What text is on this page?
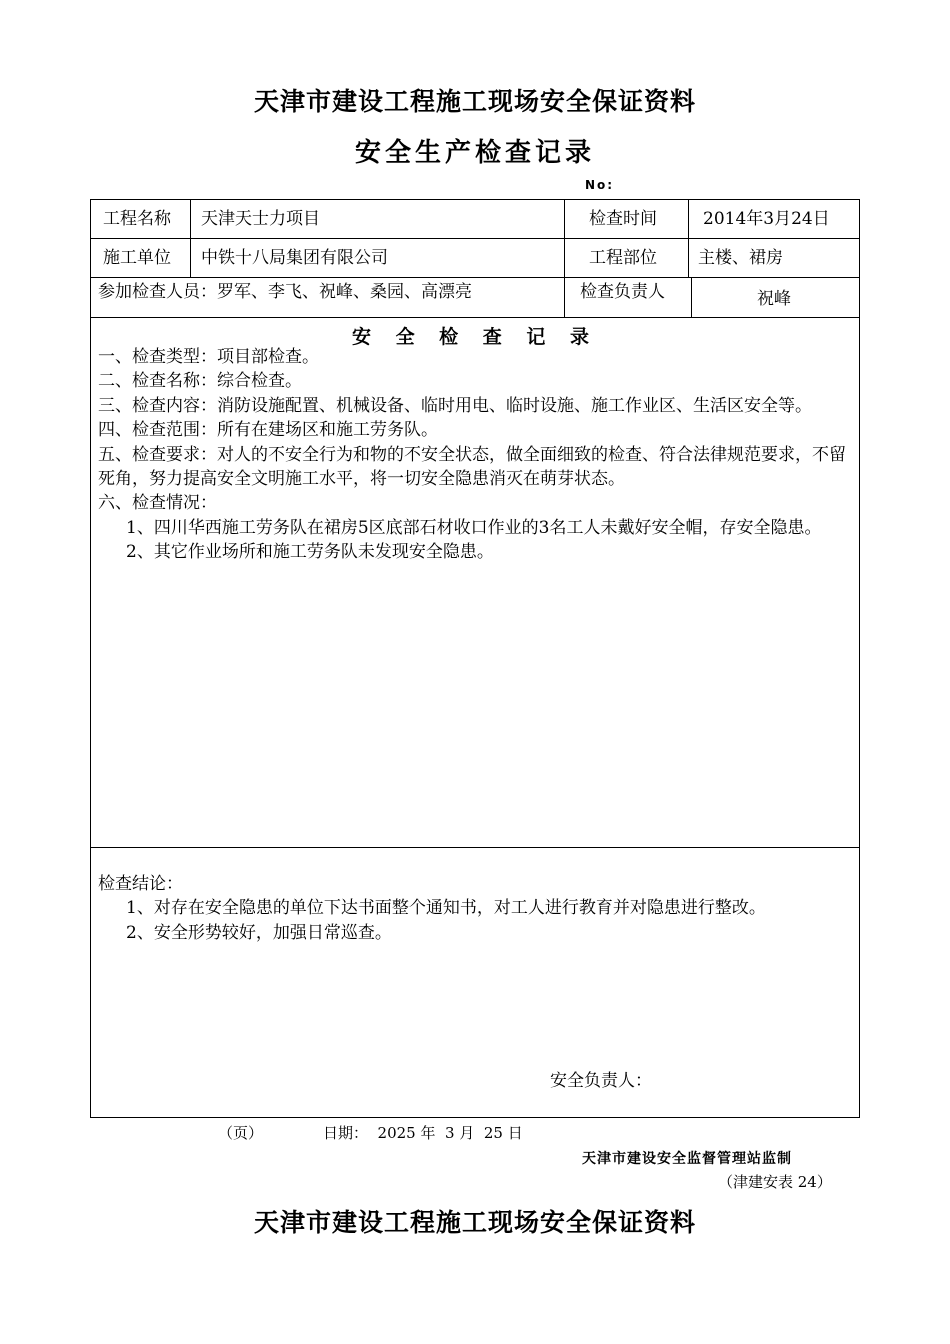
天津市建设工程施工现场安全保证资料
安全生产检查记录
No:
工程名称 天津天士力项目	检查时间	2014年3月24日
施工单位 中铁十八局集团有限公司	工程部位 主楼、裙房
参加检查人员：罗军、李飞、祝峰、桑园、高漂亮	检查负责人	祝峰
安 全 检 查 记 录

一、检查类型：项目部检查。

二、检查名称：综合检查。

三、检查内容：消防设施配置、机械设备、临时用电、临时设施、施工作业区、生活区安全等。

四、检查范围：所有在建场区和施工劳务队。

五、检查要求：对人的不安全行为和物的不安全状态，做全面细致的检查、符合法律规范要求，不留死角，努力提高安全文明施工水平，将一切安全隐患消灭在萌芽状态。

六、检查情况：

1、四川华西施工劳务队在裙房5区底部石材收口作业的3名工人未戴好安全帽，存安全隐患。

2、其它作业场所和施工劳务队未发现安全隐患。

检查结论：

1、对存在安全隐患的单位下达书面整个通知书，对工人进行教育并对隐患进行整改。

2、安全形势较好，加强日常巡查。

安全负责人：
（页）	日期：  2025 年  3 月  25 日
天津市建设安全监督管理站监制
（津建安表 24）
天津市建设工程施工现场安全保证资料
